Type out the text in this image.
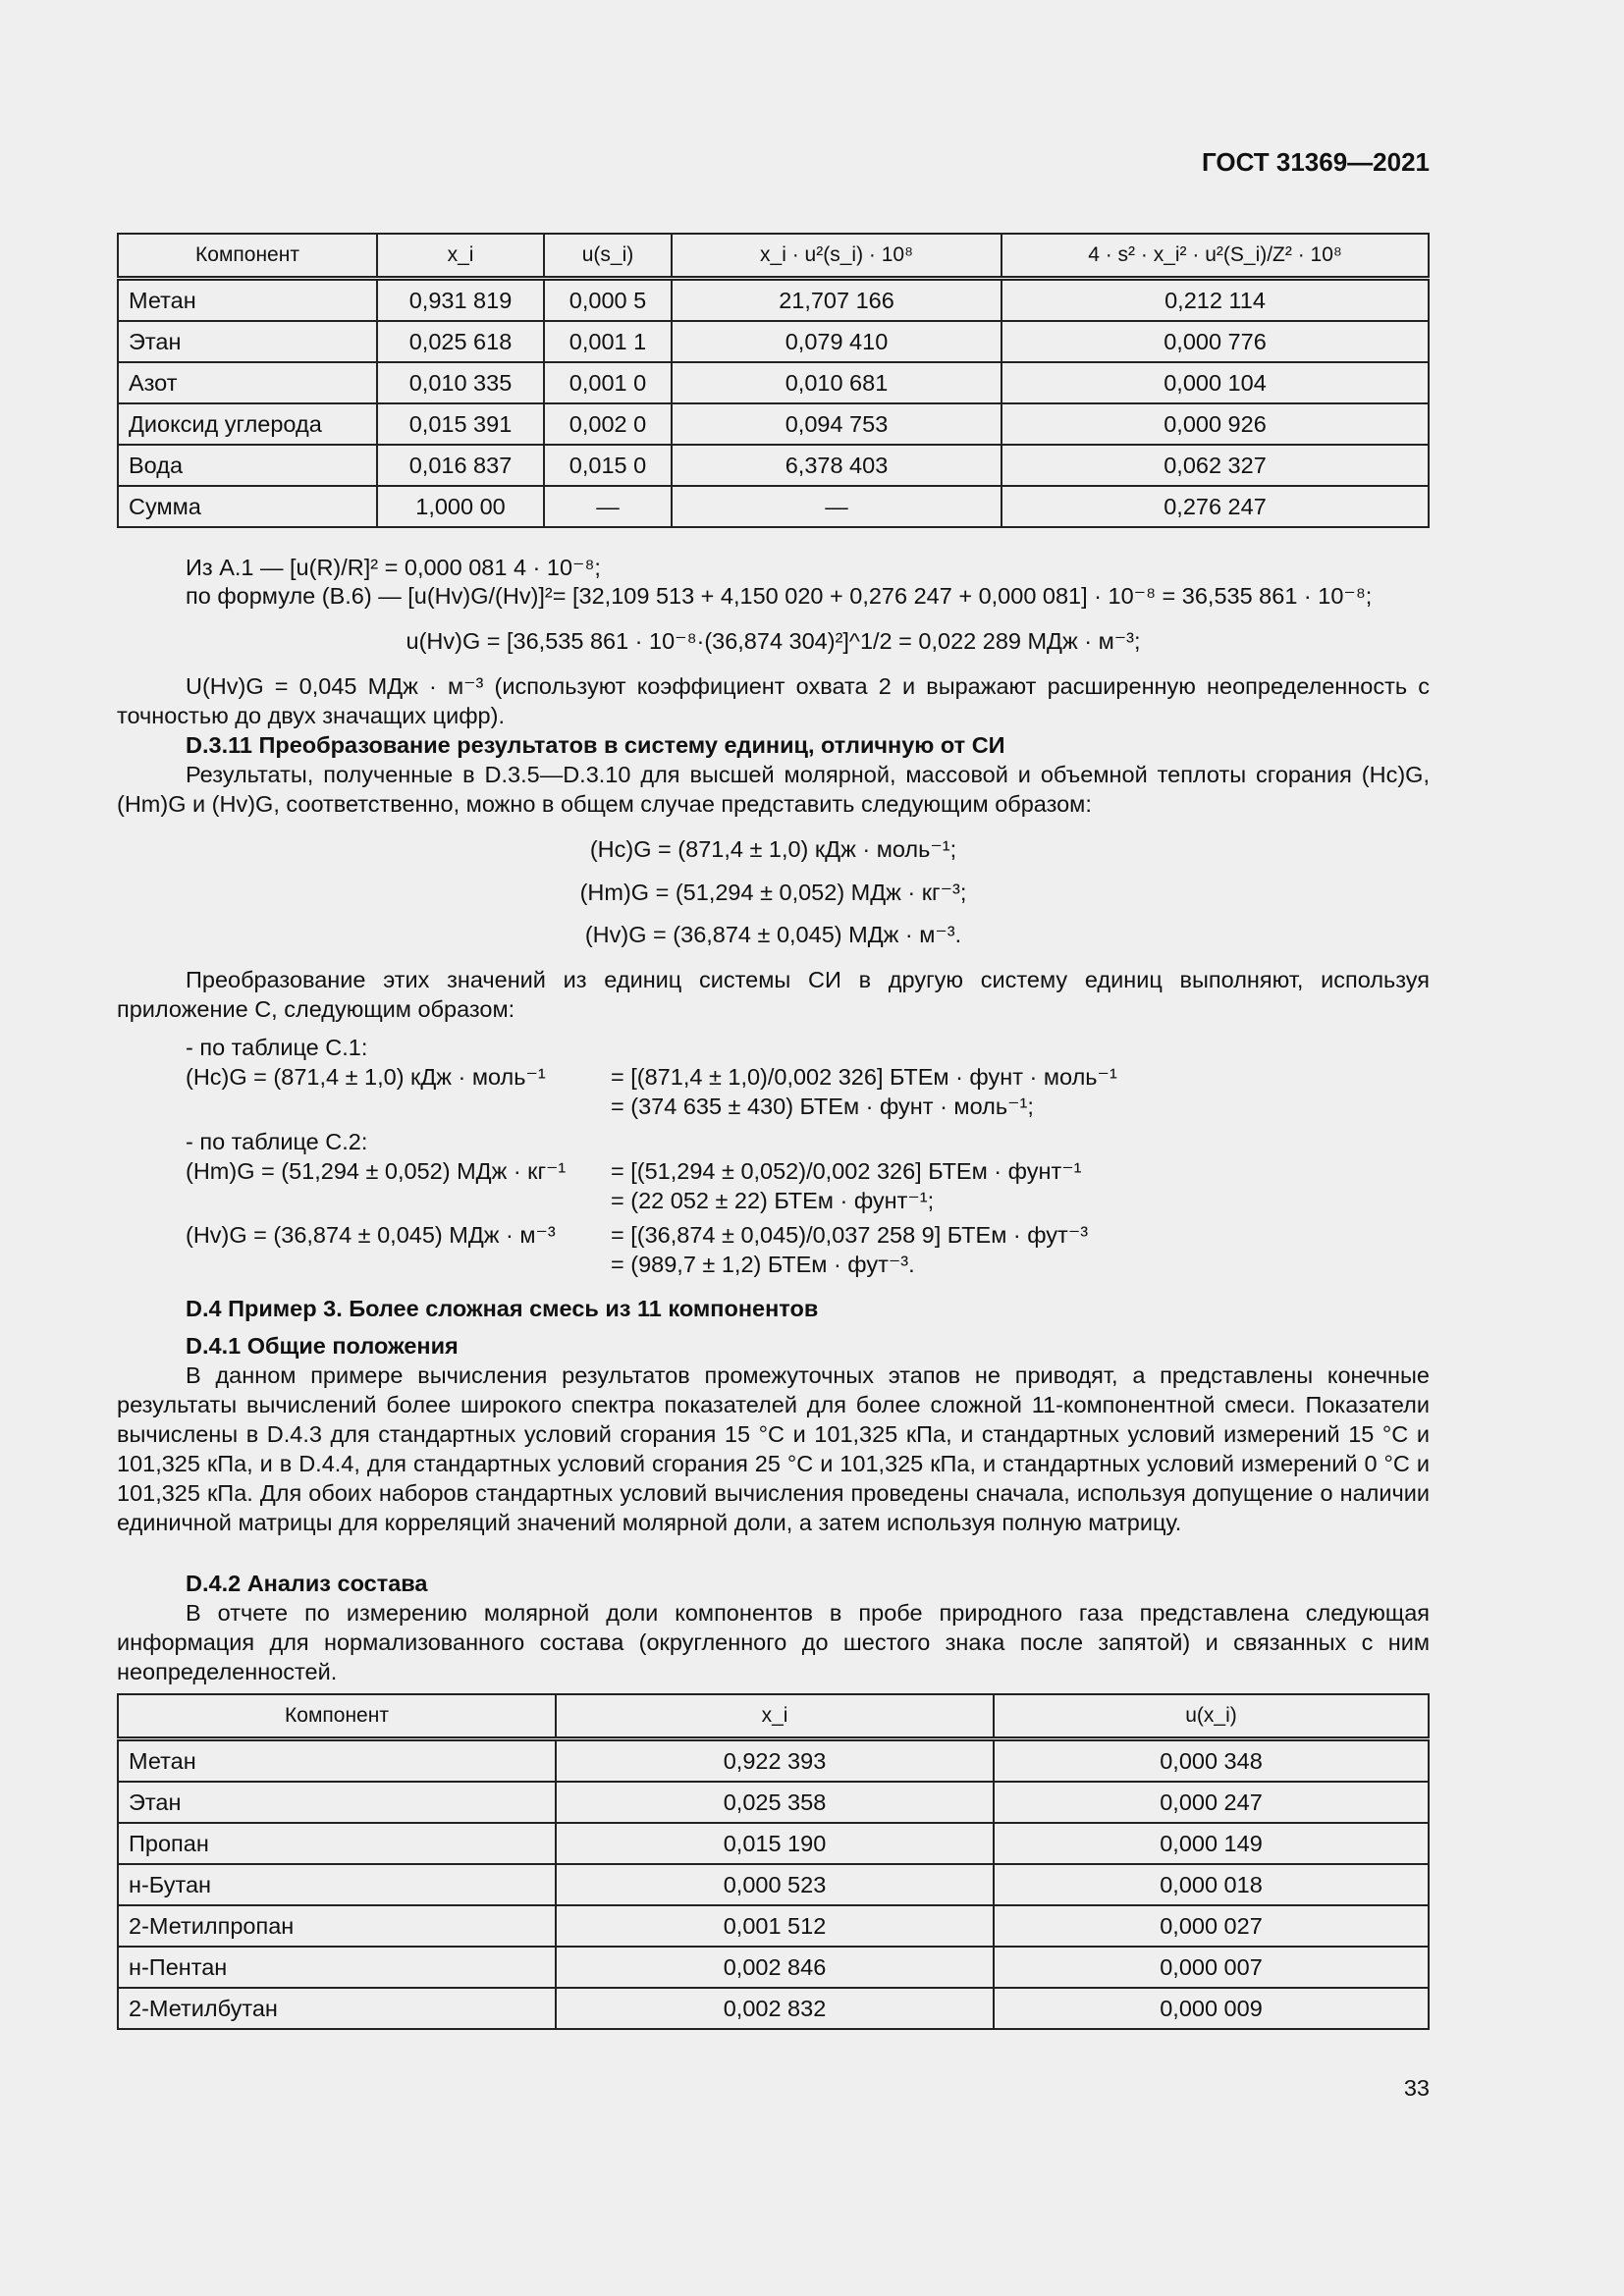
ГОСТ 31369—2021
Компонент	x_i	u(s_i)	x_i · u²(s_i) · 10⁸	4 · s² · x_i² · u²(S_i)/Z² · 10⁸
Метан	0,931 819	0,000 5	21,707 166	0,212 114
Этан	0,025 618	0,001 1	0,079 410	0,000 776
Азот	0,010 335	0,001 0	0,010 681	0,000 104
Диоксид углерода	0,015 391	0,002 0	0,094 753	0,000 926
Вода	0,016 837	0,015 0	6,378 403	0,062 327
Сумма	1,000 00	—	—	0,276 247
Из A.1 — [u(R)/R]² = 0,000 081 4 · 10⁻⁸;
по формуле (B.6) — [u(Hv)G/(Hv)]²= [32,109 513 + 4,150 020 + 0,276 247 + 0,000 081] · 10⁻⁸ = 36,535 861 · 10⁻⁸;
u(Hv)G = [36,535 861 · 10⁻⁸·(36,874 304)²]^1/2 = 0,022 289 МДж · м⁻³;
U(Hv)G = 0,045 МДж · м⁻³ (используют коэффициент охвата 2 и выражают расширенную неопределенность с точностью до двух значащих цифр).
D.3.11 Преобразование результатов в систему единиц, отличную от СИ
Результаты, полученные в D.3.5—D.3.10 для высшей молярной, массовой и объемной теплоты сгорания (Hc)G, (Hm)G и (Hv)G, соответственно, можно в общем случае представить следующим образом:
(Hc)G = (871,4 ± 1,0) кДж · моль⁻¹;
(Hm)G = (51,294 ± 0,052) МДж · кг⁻³;
(Hv)G = (36,874 ± 0,045) МДж · м⁻³.
Преобразование этих значений из единиц системы СИ в другую систему единиц выполняют, используя приложение C, следующим образом:
- по таблице C.1:
(Hc)G = (871,4 ± 1,0) кДж · моль⁻¹	= [(871,4 ± 1,0)/0,002 326] БТЕм · фунт · моль⁻¹
= (374 635 ± 430) БТЕм · фунт · моль⁻¹;
- по таблице C.2:
(Hm)G = (51,294 ± 0,052) МДж · кг⁻¹ = [(51,294 ± 0,052)/0,002 326] БТЕм · фунт⁻¹
= (22 052 ± 22) БТЕм · фунт⁻¹;
(Hv)G = (36,874 ± 0,045) МДж · м⁻³ = [(36,874 ± 0,045)/0,037 258 9] БТЕм · фут⁻³
= (989,7 ± 1,2) БТЕм · фут⁻³.
D.4 Пример 3. Более сложная смесь из 11 компонентов
D.4.1 Общие положения
В данном примере вычисления результатов промежуточных этапов не приводят, а представлены конечные результаты вычислений более широкого спектра показателей для более сложной 11-компонентной смеси. Показатели вычислены в D.4.3 для стандартных условий сгорания 15 °С и 101,325 кПа, и стандартных условий измерений 15 °С и 101,325 кПа, и в D.4.4, для стандартных условий сгорания 25 °С и 101,325 кПа, и стандартных условий измерений 0 °С и 101,325 кПа. Для обоих наборов стандартных условий вычисления проведены сначала, используя допущение о наличии единичной матрицы для корреляций значений молярной доли, а затем используя полную матрицу.
D.4.2 Анализ состава
В отчете по измерению молярной доли компонентов в пробе природного газа представлена следующая информация для нормализованного состава (округленного до шестого знака после запятой) и связанных с ним неопределенностей.
Компонент	x_i	u(x_i)
Метан	0,922 393	0,000 348
Этан	0,025 358	0,000 247
Пропан	0,015 190	0,000 149
н-Бутан	0,000 523	0,000 018
2-Метилпропан	0,001 512	0,000 027
н-Пентан	0,002 846	0,000 007
2-Метилбутан	0,002 832	0,000 009
33
